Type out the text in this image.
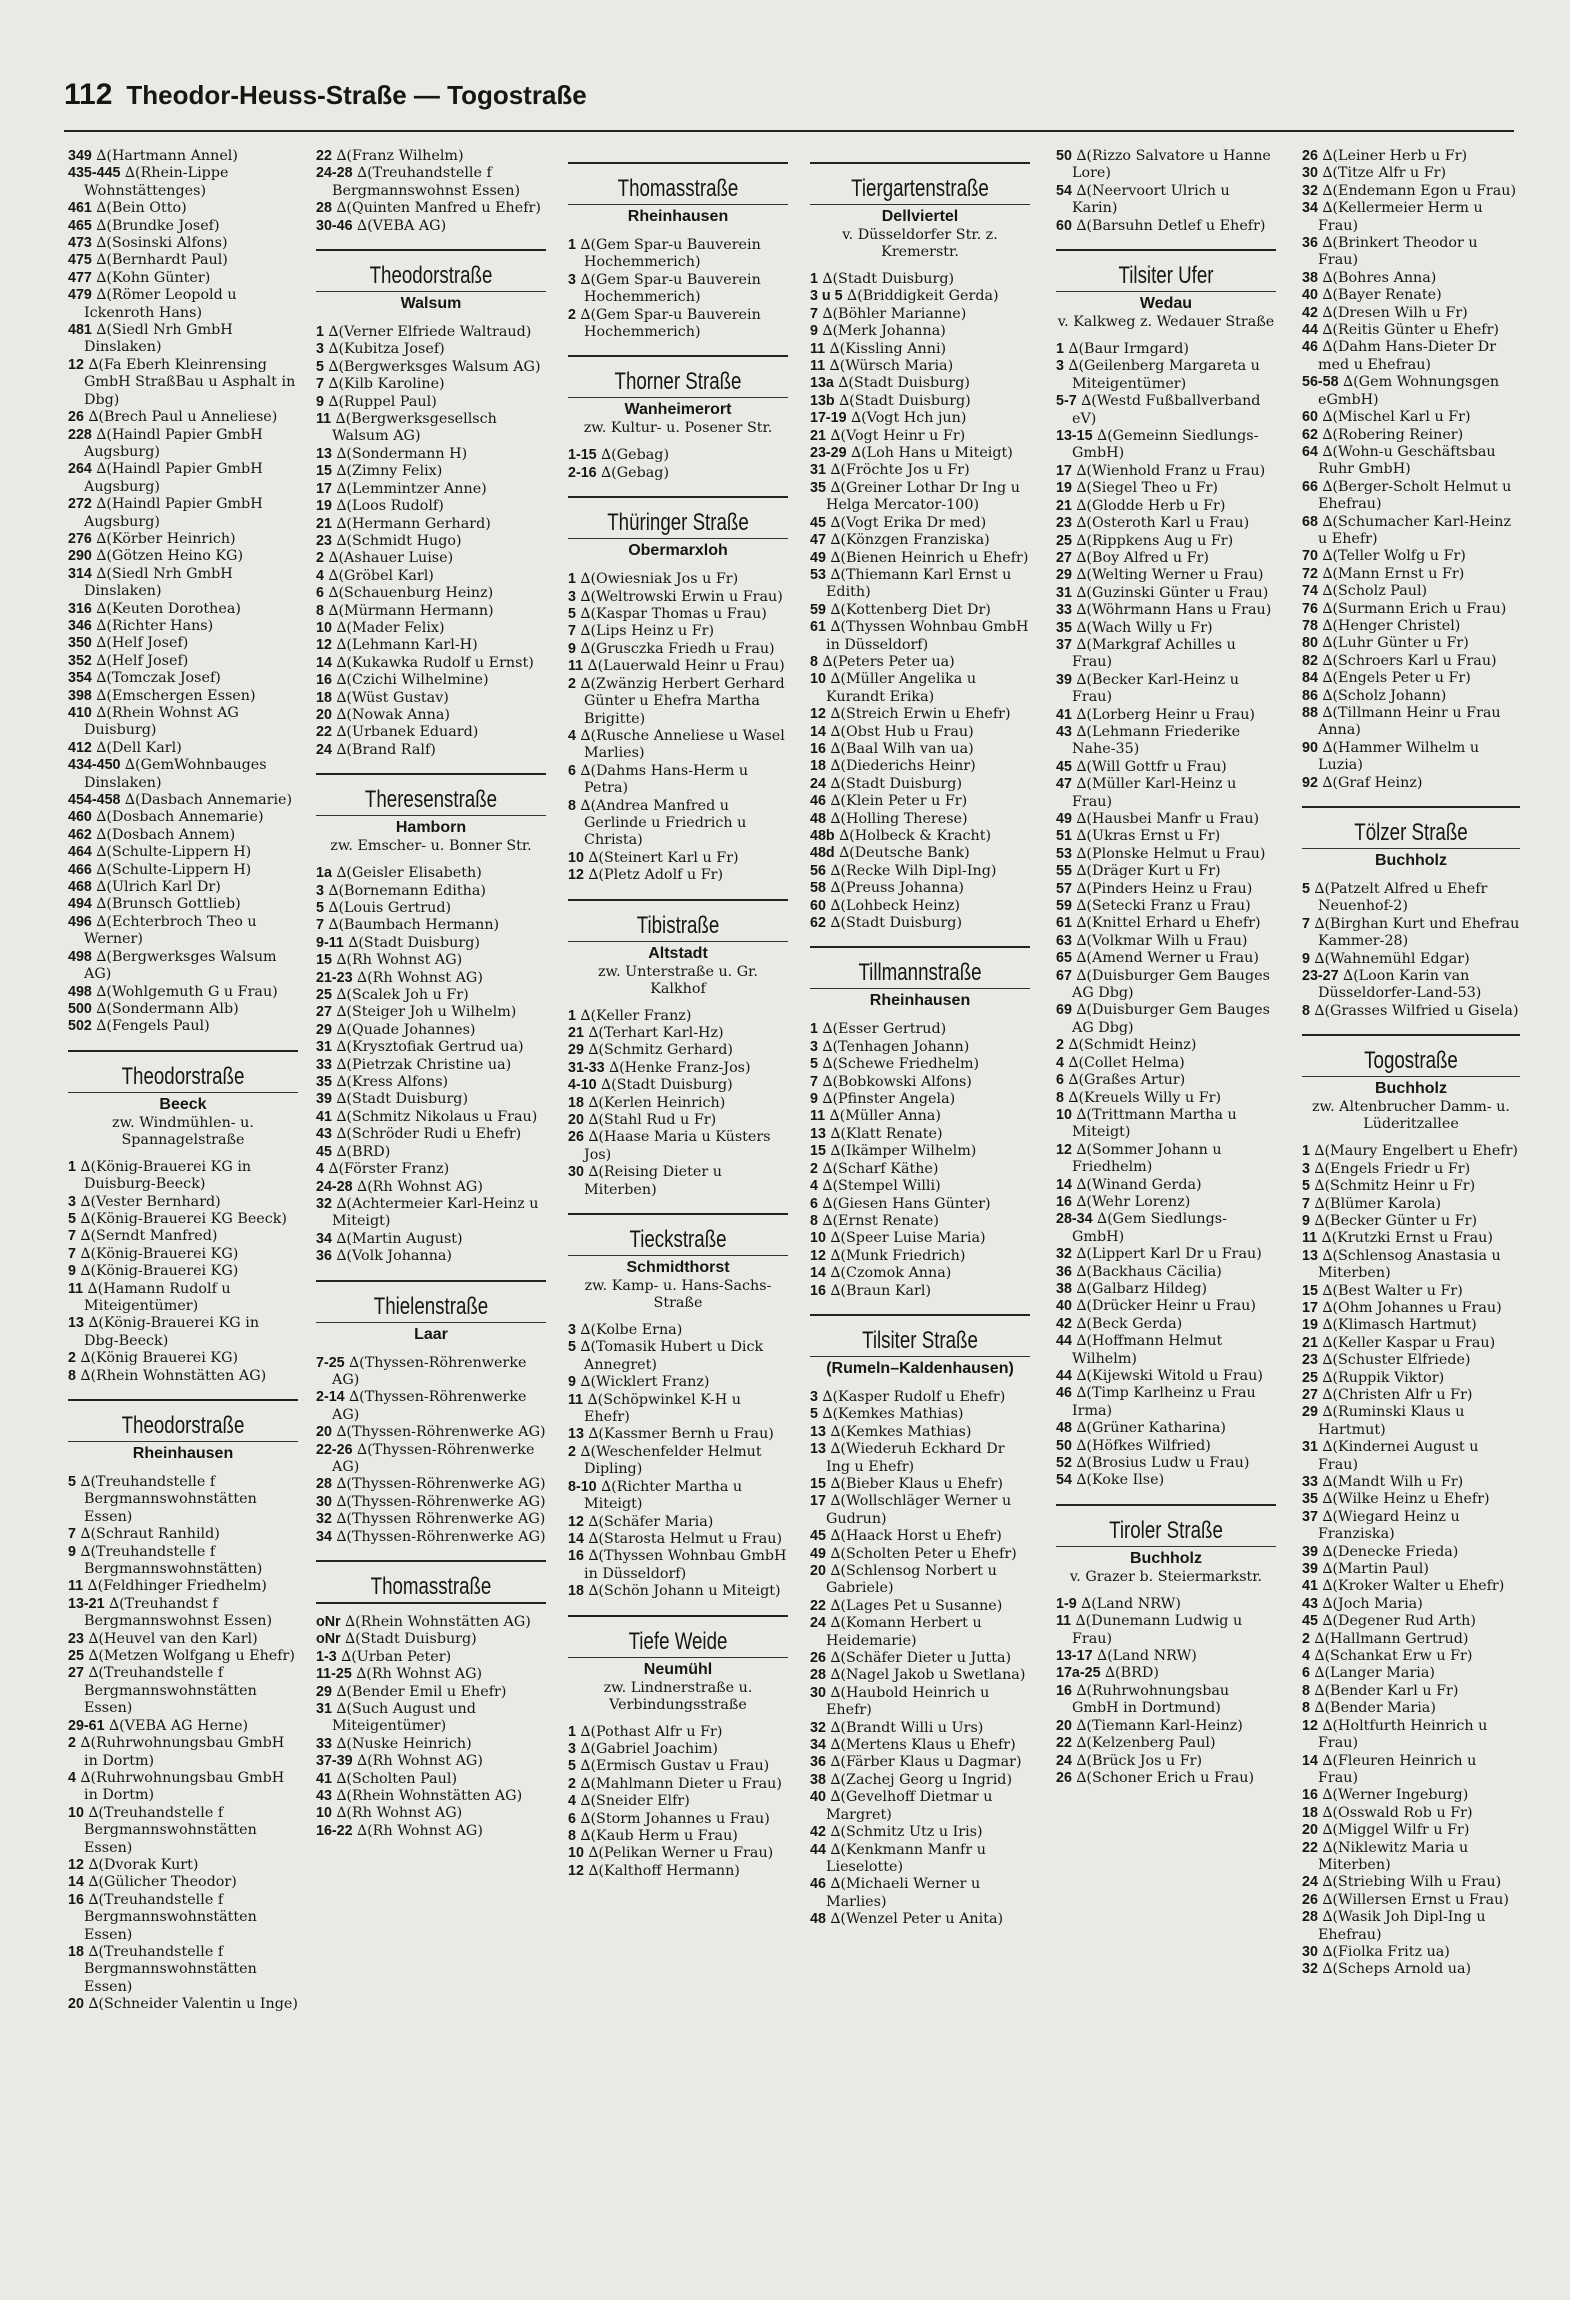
112 Theodor-Heuss-Straße — Togostraße
349 ∆(Hartmann Annel)
435-445 ∆(Rhein-Lippe Wohnstättenges)
461 ∆(Bein Otto)
465 ∆(Brundke Josef)
473 ∆(Sosinski Alfons)
475 ∆(Bernhardt Paul)
477 ∆(Kohn Günter)
479 ∆(Römer Leopold u Ickenroth Hans)
481 ∆(Siedl Nrh GmbH Dinslaken)
12 ∆(Fa Eberh Kleinrensing GmbH StraßBau u Asphalt in Dbg)
26 ∆(Brech Paul u Anneliese)
228 ∆(Haindl Papier GmbH Augsburg)
264 ∆(Haindl Papier GmbH Augsburg)
272 ∆(Haindl Papier GmbH Augsburg)
276 ∆(Körber Heinrich)
290 ∆(Götzen Heino KG)
314 ∆(Siedl Nrh GmbH Dinslaken)
316 ∆(Keuten Dorothea)
346 ∆(Richter Hans)
350 ∆(Helf Josef)
352 ∆(Helf Josef)
354 ∆(Tomczak Josef)
398 ∆(Emschergen Essen)
410 ∆(Rhein Wohnst AG Duisburg)
412 ∆(Dell Karl)
434-450 ∆(GemWohnbauges Dinslaken)
454-458 ∆(Dasbach Annemarie)
460 ∆(Dosbach Annemarie)
462 ∆(Dosbach Annem)
464 ∆(Schulte-Lippern H)
466 ∆(Schulte-Lippern H)
468 ∆(Ulrich Karl Dr)
494 ∆(Brunsch Gottlieb)
496 ∆(Echterbroch Theo u Werner)
498 ∆(Bergwerksges Walsum AG)
498 ∆(Wohlgemuth G u Frau)
500 ∆(Sondermann Alb)
502 ∆(Fengels Paul)
Theodorstraße
Beeck
zw. Windmühlen- u. Spannagelstraße
1 ∆(König-Brauerei KG in Duisburg-Beeck)
3 ∆(Vester Bernhard)
5 ∆(König-Brauerei KG Beeck)
7 ∆(Serndt Manfred)
7 ∆(König-Brauerei KG)
9 ∆(König-Brauerei KG)
11 ∆(Hamann Rudolf u Miteigentümer)
13 ∆(König-Brauerei KG in Dbg-Beeck)
2 ∆(König Brauerei KG)
8 ∆(Rhein Wohnstätten AG)
Theodorstraße
Rheinhausen
5 ∆(Treuhandstelle f Bergmannswohnstätten Essen)
7 ∆(Schraut Ranhild)
9 ∆(Treuhandstelle f Bergmannswohnstätten)
11 ∆(Feldhinger Friedhelm)
13-21 ∆(Treuhandst f Bergmannswohnst Essen)
23 ∆(Heuvel van den Karl)
25 ∆(Metzen Wolfgang u Ehefr)
27 ∆(Treuhandstelle f Bergmannswohnstätten Essen)
29-61 ∆(VEBA AG Herne)
2 ∆(Ruhrwohnungsbau GmbH in Dortm)
4 ∆(Ruhrwohnungsbau GmbH in Dortm)
10 ∆(Treuhandstelle f Bergmannswohnstätten Essen)
12 ∆(Dvorak Kurt)
14 ∆(Gülicher Theodor)
16 ∆(Treuhandstelle f Bergmannswohnstätten Essen)
18 ∆(Treuhandstelle f Bergmannswohnstätten Essen)
20 ∆(Schneider Valentin u Inge)
22 ∆(Franz Wilhelm)
24-28 ∆(Treuhandstelle f Bergmannswohnst Essen)
28 ∆(Quinten Manfred u Ehefr)
30-46 ∆(VEBA AG)
Theodorstraße
Walsum
1 ∆(Verner Elfriede Waltraud)
3 ∆(Kubitza Josef)
5 ∆(Bergwerksges Walsum AG)
7 ∆(Kilb Karoline)
9 ∆(Ruppel Paul)
11 ∆(Bergwerksgesellsch Walsum AG)
13 ∆(Sondermann H)
15 ∆(Zimny Felix)
17 ∆(Lemmintzer Anne)
19 ∆(Loos Rudolf)
21 ∆(Hermann Gerhard)
23 ∆(Schmidt Hugo)
2 ∆(Ashauer Luise)
4 ∆(Gröbel Karl)
6 ∆(Schauenburg Heinz)
8 ∆(Mürmann Hermann)
10 ∆(Mader Felix)
12 ∆(Lehmann Karl-H)
14 ∆(Kukawka Rudolf u Ernst)
16 ∆(Czichi Wilhelmine)
18 ∆(Wüst Gustav)
20 ∆(Nowak Anna)
22 ∆(Urbanek Eduard)
24 ∆(Brand Ralf)
Theresenstraße
Hamborn
zw. Emscher- u. Bonner Str.
1a ∆(Geisler Elisabeth)
3 ∆(Bornemann Editha)
5 ∆(Louis Gertrud)
7 ∆(Baumbach Hermann)
9-11 ∆(Stadt Duisburg)
15 ∆(Rh Wohnst AG)
21-23 ∆(Rh Wohnst AG)
25 ∆(Scalek Joh u Fr)
27 ∆(Steiger Joh u Wilhelm)
29 ∆(Quade Johannes)
31 ∆(Krysztofiak Gertrud ua)
33 ∆(Pietrzak Christine ua)
35 ∆(Kress Alfons)
39 ∆(Stadt Duisburg)
41 ∆(Schmitz Nikolaus u Frau)
43 ∆(Schröder Rudi u Ehefr)
45 ∆(BRD)
4 ∆(Förster Franz)
24-28 ∆(Rh Wohnst AG)
32 ∆(Achtermeier Karl-Heinz u Miteigt)
34 ∆(Martin August)
36 ∆(Volk Johanna)
Thielenstraße
Laar
7-25 ∆(Thyssen-Röhrenwerke AG)
2-14 ∆(Thyssen-Röhrenwerke AG)
20 ∆(Thyssen-Röhrenwerke AG)
22-26 ∆(Thyssen-Röhrenwerke AG)
28 ∆(Thyssen-Röhrenwerke AG)
30 ∆(Thyssen-Röhrenwerke AG)
32 ∆(Thyssen Röhrenwerke AG)
34 ∆(Thyssen-Röhrenwerke AG)
Thomasstraße
oNr ∆(Rhein Wohnstätten AG)
oNr ∆(Stadt Duisburg)
1-3 ∆(Urban Peter)
11-25 ∆(Rh Wohnst AG)
29 ∆(Bender Emil u Ehefr)
31 ∆(Such August und Miteigentümer)
33 ∆(Nuske Heinrich)
37-39 ∆(Rh Wohnst AG)
41 ∆(Scholten Paul)
43 ∆(Rhein Wohnstätten AG)
10 ∆(Rh Wohnst AG)
16-22 ∆(Rh Wohnst AG)
Thomasstraße
Rheinhausen
1 ∆(Gem Spar-u Bauverein Hochemmerich)
3 ∆(Gem Spar-u Bauverein Hochemmerich)
2 ∆(Gem Spar-u Bauverein Hochemmerich)
Thorner Straße
Wanheimerort
zw. Kultur- u. Posener Str.
1-15 ∆(Gebag)
2-16 ∆(Gebag)
Thüringer Straße
Obermarxloh
1 ∆(Owiesniak Jos u Fr)
3 ∆(Weltrowski Erwin u Frau)
5 ∆(Kaspar Thomas u Frau)
7 ∆(Lips Heinz u Fr)
9 ∆(Grusczka Friedh u Frau)
11 ∆(Lauerwald Heinr u Frau)
2 ∆(Zwänzig Herbert Gerhard Günter u Ehefra Martha Brigitte)
4 ∆(Rusche Anneliese u Wasel Marlies)
6 ∆(Dahms Hans-Herm u Petra)
8 ∆(Andrea Manfred u Gerlinde u Friedrich u Christa)
10 ∆(Steinert Karl u Fr)
12 ∆(Pletz Adolf u Fr)
Tibistraße
Altstadt
zw. Unterstraße u. Gr. Kalkhof
1 ∆(Keller Franz)
21 ∆(Terhart Karl-Hz)
29 ∆(Schmitz Gerhard)
31-33 ∆(Henke Franz-Jos)
4-10 ∆(Stadt Duisburg)
18 ∆(Kerlen Heinrich)
20 ∆(Stahl Rud u Fr)
26 ∆(Haase Maria u Küsters Jos)
30 ∆(Reising Dieter u Miterben)
Tieckstraße
Schmidthorst
zw. Kamp- u. Hans-Sachs-Straße
3 ∆(Kolbe Erna)
5 ∆(Tomasik Hubert u Dick Annegret)
9 ∆(Wicklert Franz)
11 ∆(Schöpwinkel K-H u Ehefr)
13 ∆(Kassmer Bernh u Frau)
2 ∆(Weschenfelder Helmut Dipling)
8-10 ∆(Richter Martha u Miteigt)
12 ∆(Schäfer Maria)
14 ∆(Starosta Helmut u Frau)
16 ∆(Thyssen Wohnbau GmbH in Düsseldorf)
18 ∆(Schön Johann u Miteigt)
Tiefe Weide
Neumühl
zw. Lindnerstraße u. Verbindungsstraße
1 ∆(Pothast Alfr u Fr)
3 ∆(Gabriel Joachim)
5 ∆(Ermisch Gustav u Frau)
2 ∆(Mahlmann Dieter u Frau)
4 ∆(Sneider Elfr)
6 ∆(Storm Johannes u Frau)
8 ∆(Kaub Herm u Frau)
10 ∆(Pelikan Werner u Frau)
12 ∆(Kalthoff Hermann)
Tiergartenstraße
Dellviertel
v. Düsseldorfer Str. z. Kremerstr.
1 ∆(Stadt Duisburg)
3 u 5 ∆(Briddigkeit Gerda)
7 ∆(Böhler Marianne)
9 ∆(Merk Johanna)
11 ∆(Kissling Anni)
11 ∆(Würsch Maria)
13a ∆(Stadt Duisburg)
13b ∆(Stadt Duisburg)
17-19 ∆(Vogt Hch jun)
21 ∆(Vogt Heinr u Fr)
23-29 ∆(Loh Hans u Miteigt)
31 ∆(Fröchte Jos u Fr)
35 ∆(Greiner Lothar Dr Ing u Helga Mercator-100)
45 ∆(Vogt Erika Dr med)
47 ∆(Könzgen Franziska)
49 ∆(Bienen Heinrich u Ehefr)
53 ∆(Thiemann Karl Ernst u Edith)
59 ∆(Kottenberg Diet Dr)
61 ∆(Thyssen Wohnbau GmbH in Düsseldorf)
8 ∆(Peters Peter ua)
10 ∆(Müller Angelika u Kurandt Erika)
12 ∆(Streich Erwin u Ehefr)
14 ∆(Obst Hub u Frau)
16 ∆(Baal Wilh van ua)
18 ∆(Diederichs Heinr)
24 ∆(Stadt Duisburg)
46 ∆(Klein Peter u Fr)
48 ∆(Holling Therese)
48b ∆(Holbeck & Kracht)
48d ∆(Deutsche Bank)
56 ∆(Recke Wilh Dipl-Ing)
58 ∆(Preuss Johanna)
60 ∆(Lohbeck Heinz)
62 ∆(Stadt Duisburg)
Tillmannstraße
Rheinhausen
1 ∆(Esser Gertrud)
3 ∆(Tenhagen Johann)
5 ∆(Schewe Friedhelm)
7 ∆(Bobkowski Alfons)
9 ∆(Pfinster Angela)
11 ∆(Müller Anna)
13 ∆(Klatt Renate)
15 ∆(Ikämper Wilhelm)
2 ∆(Scharf Käthe)
4 ∆(Stempel Willi)
6 ∆(Giesen Hans Günter)
8 ∆(Ernst Renate)
10 ∆(Speer Luise Maria)
12 ∆(Munk Friedrich)
14 ∆(Czomok Anna)
16 ∆(Braun Karl)
Tilsiter Straße
(Rumeln–Kaldenhausen)
3 ∆(Kasper Rudolf u Ehefr)
5 ∆(Kemkes Mathias)
13 ∆(Kemkes Mathias)
13 ∆(Wiederuh Eckhard Dr Ing u Ehefr)
15 ∆(Bieber Klaus u Ehefr)
17 ∆(Wollschläger Werner u Gudrun)
45 ∆(Haack Horst u Ehefr)
49 ∆(Scholten Peter u Ehefr)
20 ∆(Schlensog Norbert u Gabriele)
22 ∆(Lages Pet u Susanne)
24 ∆(Komann Herbert u Heidemarie)
26 ∆(Schäfer Dieter u Jutta)
28 ∆(Nagel Jakob u Swetlana)
30 ∆(Haubold Heinrich u Ehefr)
32 ∆(Brandt Willi u Urs)
34 ∆(Mertens Klaus u Ehefr)
36 ∆(Färber Klaus u Dagmar)
38 ∆(Zachej Georg u Ingrid)
40 ∆(Gevelhoff Dietmar u Margret)
42 ∆(Schmitz Utz u Iris)
44 ∆(Kenkmann Manfr u Lieselotte)
46 ∆(Michaeli Werner u Marlies)
48 ∆(Wenzel Peter u Anita)
50 ∆(Rizzo Salvatore u Hanne Lore)
54 ∆(Neervoort Ulrich u Karin)
60 ∆(Barsuhn Detlef u Ehefr)
Tilsiter Ufer
Wedau
v. Kalkweg z. Wedauer Straße
1 ∆(Baur Irmgard)
3 ∆(Geilenberg Margareta u Miteigentümer)
5-7 ∆(Westd Fußballverband eV)
13-15 ∆(Gemeinn Siedlungs-GmbH)
17 ∆(Wienhold Franz u Frau)
19 ∆(Siegel Theo u Fr)
21 ∆(Glodde Herb u Fr)
23 ∆(Osteroth Karl u Frau)
25 ∆(Rippkens Aug u Fr)
27 ∆(Boy Alfred u Fr)
29 ∆(Welting Werner u Frau)
31 ∆(Guzinski Günter u Frau)
33 ∆(Wöhrmann Hans u Frau)
35 ∆(Wach Willy u Fr)
37 ∆(Markgraf Achilles u Frau)
39 ∆(Becker Karl-Heinz u Frau)
41 ∆(Lorberg Heinr u Frau)
43 ∆(Lehmann Friederike Nahe-35)
45 ∆(Will Gottfr u Frau)
47 ∆(Müller Karl-Heinz u Frau)
49 ∆(Hausbei Manfr u Frau)
51 ∆(Ukras Ernst u Fr)
53 ∆(Plonske Helmut u Frau)
55 ∆(Dräger Kurt u Fr)
57 ∆(Pinders Heinz u Frau)
59 ∆(Setecki Franz u Frau)
61 ∆(Knittel Erhard u Ehefr)
63 ∆(Volkmar Wilh u Frau)
65 ∆(Amend Werner u Frau)
67 ∆(Duisburger Gem Bauges AG Dbg)
69 ∆(Duisburger Gem Bauges AG Dbg)
2 ∆(Schmidt Heinz)
4 ∆(Collet Helma)
6 ∆(Graßes Artur)
8 ∆(Kreuels Willy u Fr)
10 ∆(Trittmann Martha u Miteigt)
12 ∆(Sommer Johann u Friedhelm)
14 ∆(Winand Gerda)
16 ∆(Wehr Lorenz)
28-34 ∆(Gem Siedlungs-GmbH)
32 ∆(Lippert Karl Dr u Frau)
36 ∆(Backhaus Cäcilia)
38 ∆(Galbarz Hildeg)
40 ∆(Drücker Heinr u Frau)
42 ∆(Beck Gerda)
44 ∆(Hoffmann Helmut Wilhelm)
44 ∆(Kijewski Witold u Frau)
46 ∆(Timp Karlheinz u Frau Irma)
48 ∆(Grüner Katharina)
50 ∆(Höfkes Wilfried)
52 ∆(Brosius Ludw u Frau)
54 ∆(Koke Ilse)
Tiroler Straße
Buchholz
v. Grazer b. Steiermarkstr.
1-9 ∆(Land NRW)
11 ∆(Dunemann Ludwig u Frau)
13-17 ∆(Land NRW)
17a-25 ∆(BRD)
16 ∆(Ruhrwohnungsbau GmbH in Dortmund)
20 ∆(Tiemann Karl-Heinz)
22 ∆(Kelzenberg Paul)
24 ∆(Brück Jos u Fr)
26 ∆(Schoner Erich u Frau)
26 ∆(Leiner Herb u Fr)
30 ∆(Titze Alfr u Fr)
32 ∆(Endemann Egon u Frau)
34 ∆(Kellermeier Herm u Frau)
36 ∆(Brinkert Theodor u Frau)
38 ∆(Bohres Anna)
40 ∆(Bayer Renate)
42 ∆(Dresen Wilh u Fr)
44 ∆(Reitis Günter u Ehefr)
46 ∆(Dahm Hans-Dieter Dr med u Ehefrau)
56-58 ∆(Gem Wohnungsgen eGmbH)
60 ∆(Mischel Karl u Fr)
62 ∆(Robering Reiner)
64 ∆(Wohn-u Geschäftsbau Ruhr GmbH)
66 ∆(Berger-Scholt Helmut u Ehefrau)
68 ∆(Schumacher Karl-Heinz u Ehefr)
70 ∆(Teller Wolfg u Fr)
72 ∆(Mann Ernst u Fr)
74 ∆(Scholz Paul)
76 ∆(Surmann Erich u Frau)
78 ∆(Henger Christel)
80 ∆(Luhr Günter u Fr)
82 ∆(Schroers Karl u Frau)
84 ∆(Engels Peter u Fr)
86 ∆(Scholz Johann)
88 ∆(Tillmann Heinr u Frau Anna)
90 ∆(Hammer Wilhelm u Luzia)
92 ∆(Graf Heinz)
Tölzer Straße
Buchholz
5 ∆(Patzelt Alfred u Ehefr Neuenhof-2)
7 ∆(Birghan Kurt und Ehefrau Kammer-28)
9 ∆(Wahnemühl Edgar)
23-27 ∆(Loon Karin van Düsseldorfer-Land-53)
8 ∆(Grasses Wilfried u Gisela)
Togostraße
Buchholz
zw. Altenbrucher Damm- u. Lüderitzallee
1 ∆(Maury Engelbert u Ehefr)
3 ∆(Engels Friedr u Fr)
5 ∆(Schmitz Heinr u Fr)
7 ∆(Blümer Karola)
9 ∆(Becker Günter u Fr)
11 ∆(Krutzki Ernst u Frau)
13 ∆(Schlensog Anastasia u Miterben)
15 ∆(Best Walter u Fr)
17 ∆(Ohm Johannes u Frau)
19 ∆(Klimasch Hartmut)
21 ∆(Keller Kaspar u Frau)
23 ∆(Schuster Elfriede)
25 ∆(Ruppik Viktor)
27 ∆(Christen Alfr u Fr)
29 ∆(Ruminski Klaus u Hartmut)
31 ∆(Kindernei August u Frau)
33 ∆(Mandt Wilh u Fr)
35 ∆(Wilke Heinz u Ehefr)
37 ∆(Wiegard Heinz u Franziska)
39 ∆(Denecke Frieda)
39 ∆(Martin Paul)
41 ∆(Kroker Walter u Ehefr)
43 ∆(Joch Maria)
45 ∆(Degener Rud Arth)
2 ∆(Hallmann Gertrud)
4 ∆(Schankat Erw u Fr)
6 ∆(Langer Maria)
8 ∆(Bender Karl u Fr)
8 ∆(Bender Maria)
12 ∆(Holtfurth Heinrich u Frau)
14 ∆(Fleuren Heinrich u Frau)
16 ∆(Werner Ingeburg)
18 ∆(Osswald Rob u Fr)
20 ∆(Miggel Wilfr u Fr)
22 ∆(Niklewitz Maria u Miterben)
24 ∆(Striebing Wilh u Frau)
26 ∆(Willersen Ernst u Frau)
28 ∆(Wasik Joh Dipl-Ing u Ehefrau)
30 ∆(Fiolka Fritz ua)
32 ∆(Scheps Arnold ua)
